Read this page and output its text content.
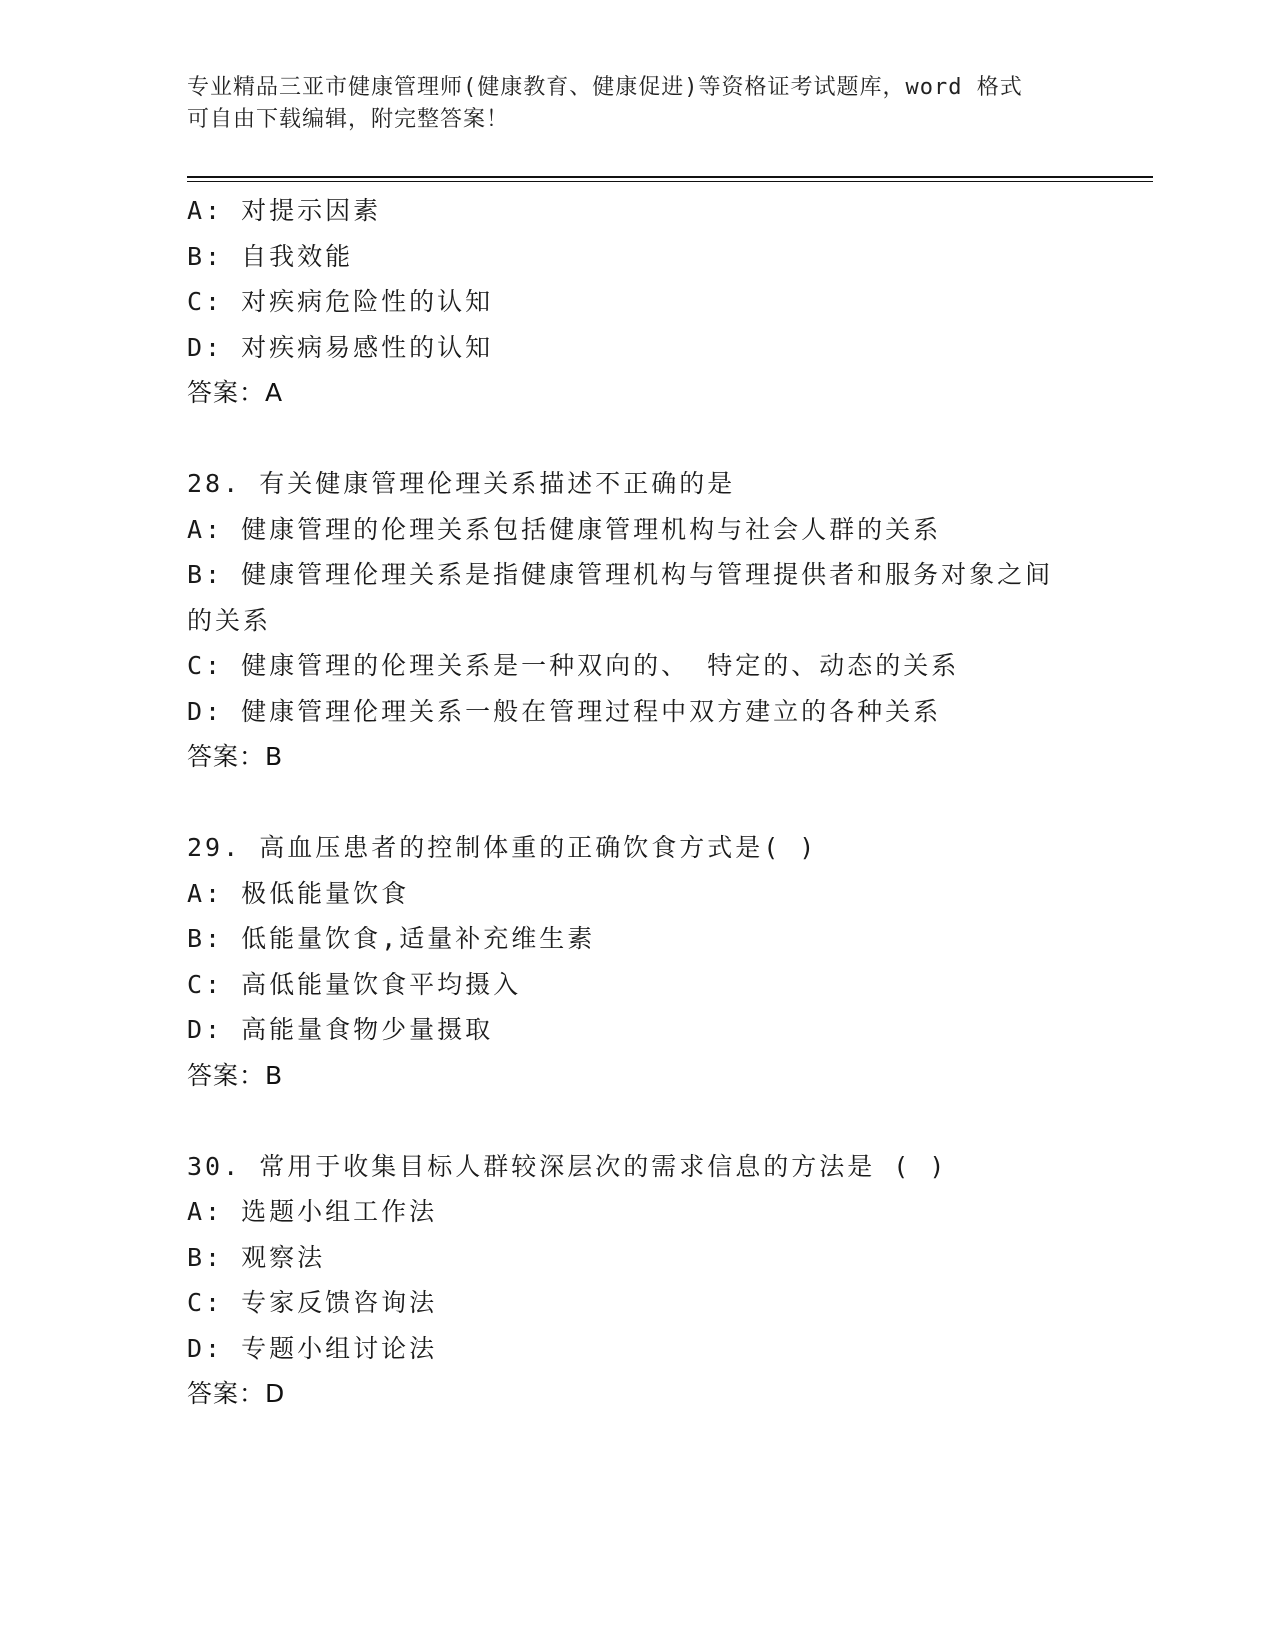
专业精品三亚市健康管理师(健康教育、健康促进)等资格证考试题库，word 格式
可自由下载编辑，附完整答案！
A: 对提示因素
B: 自我效能
C: 对疾病危险性的认知
D: 对疾病易感性的认知
答案：A
28. 有关健康管理伦理关系描述不正确的是
A: 健康管理的伦理关系包括健康管理机构与社会人群的关系
B: 健康管理伦理关系是指健康管理机构与管理提供者和服务对象之间
的关系
C: 健康管理的伦理关系是一种双向的、 特定的、动态的关系
D: 健康管理伦理关系一般在管理过程中双方建立的各种关系
答案：B
29. 高血压患者的控制体重的正确饮食方式是( )
A: 极低能量饮食
B: 低能量饮食,适量补充维生素
C: 高低能量饮食平均摄入
D: 高能量食物少量摄取
答案：B
30. 常用于收集目标人群较深层次的需求信息的方法是 ( )
A: 选题小组工作法
B: 观察法
C: 专家反馈咨询法
D: 专题小组讨论法
答案：D
